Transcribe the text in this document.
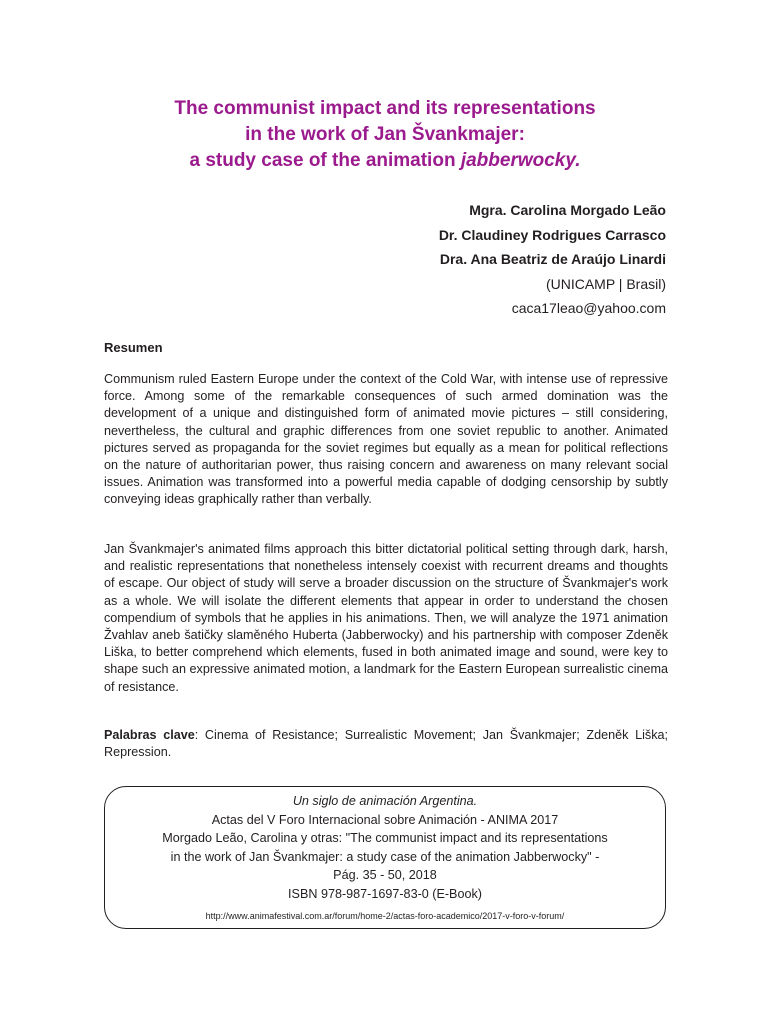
The communist impact and its representations
in the work of Jan Švankmajer:
a study case of the animation jabberwocky.
Mgra. Carolina Morgado Leão
Dr. Claudiney Rodrigues Carrasco
Dra. Ana Beatriz de Araújo Linardi
(UNICAMP | Brasil)
caca17leao@yahoo.com
Resumen

Communism ruled Eastern Europe under the context of the Cold War, with intense use of repressive force. Among some of the remarkable consequences of such armed domination was the development of a unique and distinguished form of animated movie pictures – still considering, nevertheless, the cultural and graphic differences from one soviet republic to another. Animated pictures served as propaganda for the soviet regimes but equally as a mean for political reflections on the nature of authoritarian power, thus raising concern and awareness on many relevant social issues. Animation was transformed into a powerful media capable of dodging censorship by subtly conveying ideas graphically rather than verbally.

Jan Švankmajer's animated films approach this bitter dictatorial political setting through dark, harsh, and realistic representations that nonetheless intensely coexist with recurrent dreams and thoughts of escape. Our object of study will serve a broader discussion on the structure of Švankmajer's work as a whole. We will isolate the different elements that appear in order to understand the chosen compendium of symbols that he applies in his animations. Then, we will analyze the 1971 animation Žvahlav aneb šatičky slaměného Huberta (Jabberwocky) and his partnership with composer Zdeněk Liška, to better comprehend which elements, fused in both animated image and sound, were key to shape such an expressive animated motion, a landmark for the Eastern European surrealistic cinema of resistance.

Palabras clave: Cinema of Resistance; Surrealistic Movement; Jan Švankmajer; Zdeněk Liška; Repression.

Un siglo de animación Argentina.
Actas del V Foro Internacional sobre Animación - ANIMA 2017
Morgado Leão, Carolina y otras: "The communist impact and its representations
in the work of Jan Švankmajer: a study case of the animation Jabberwocky" -
Pág. 35 - 50, 2018
ISBN 978-987-1697-83-0 (E-Book)
http://www.animafestival.com.ar/forum/home-2/actas-foro-academico/2017-v-foro-v-forum/
